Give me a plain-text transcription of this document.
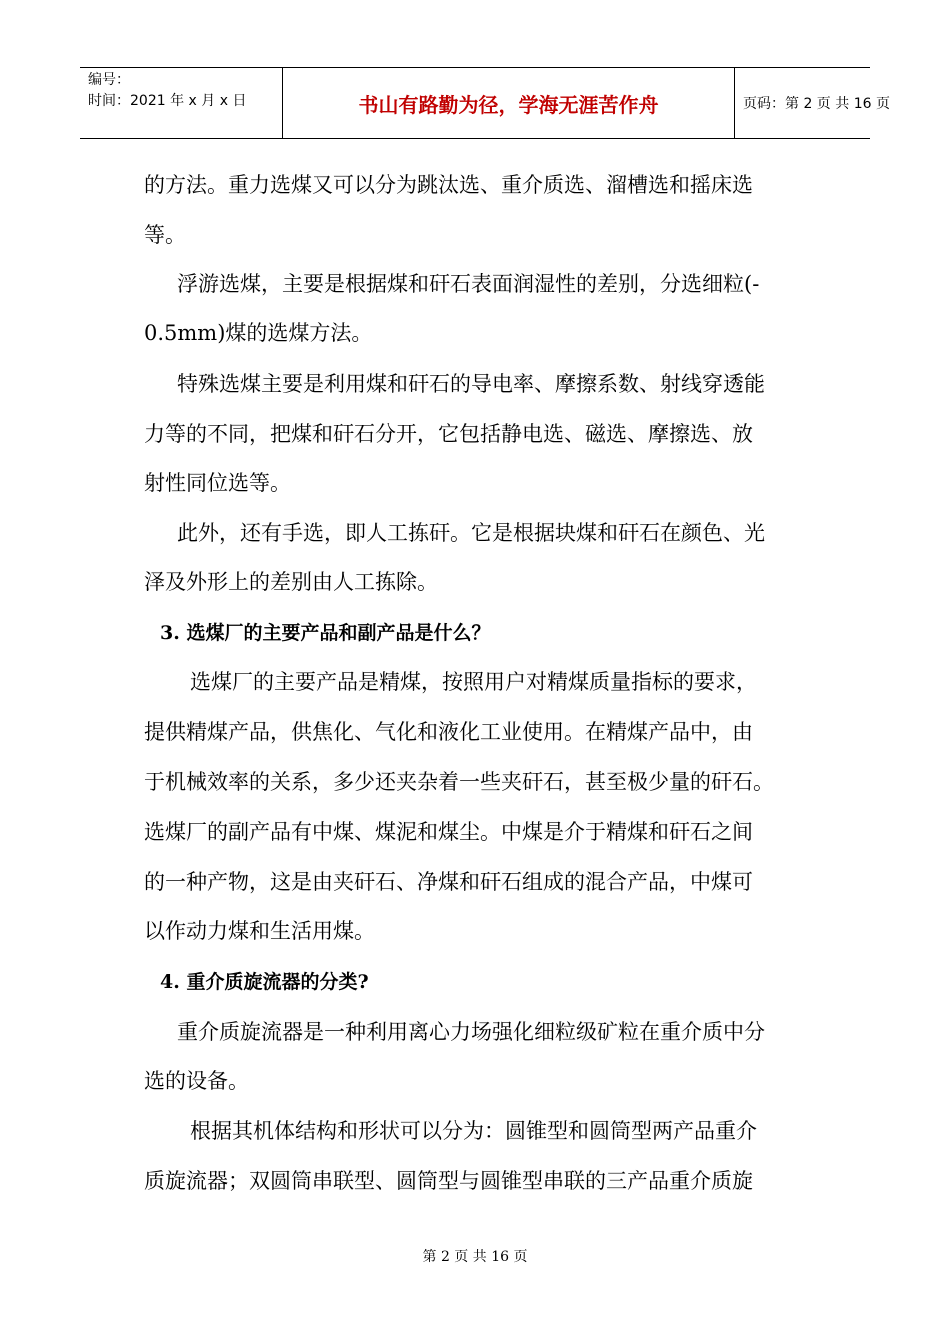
编号：
时间：2021 年 x 月 x 日	书山有路勤为径，学海无涯苦作舟	页码：第 2 页 共 16 页
的方法。重力选煤又可以分为跳汰选、重介质选、溜槽选和摇床选
等。
浮游选煤，主要是根据煤和矸石表面润湿性的差别，分选细粒(-
0.5mm)煤的选煤方法。
特殊选煤主要是利用煤和矸石的导电率、摩擦系数、射线穿透能
力等的不同，把煤和矸石分开，它包括静电选、磁选、摩擦选、放
射性同位选等。
此外，还有手选，即人工拣矸。它是根据块煤和矸石在颜色、光
泽及外形上的差别由人工拣除。
3. 选煤厂的主要产品和副产品是什么？
选煤厂的主要产品是精煤，按照用户对精煤质量指标的要求，
提供精煤产品，供焦化、气化和液化工业使用。在精煤产品中，由
于机械效率的关系，多少还夹杂着一些夹矸石，甚至极少量的矸石。
选煤厂的副产品有中煤、煤泥和煤尘。中煤是介于精煤和矸石之间
的一种产物，这是由夹矸石、净煤和矸石组成的混合产品，中煤可
以作动力煤和生活用煤。
4. 重介质旋流器的分类?
重介质旋流器是一种利用离心力场强化细粒级矿粒在重介质中分
选的设备。
根据其机体结构和形状可以分为：圆锥型和圆筒型两产品重介
质旋流器；双圆筒串联型、圆筒型与圆锥型串联的三产品重介质旋
第 2 页 共 16 页
